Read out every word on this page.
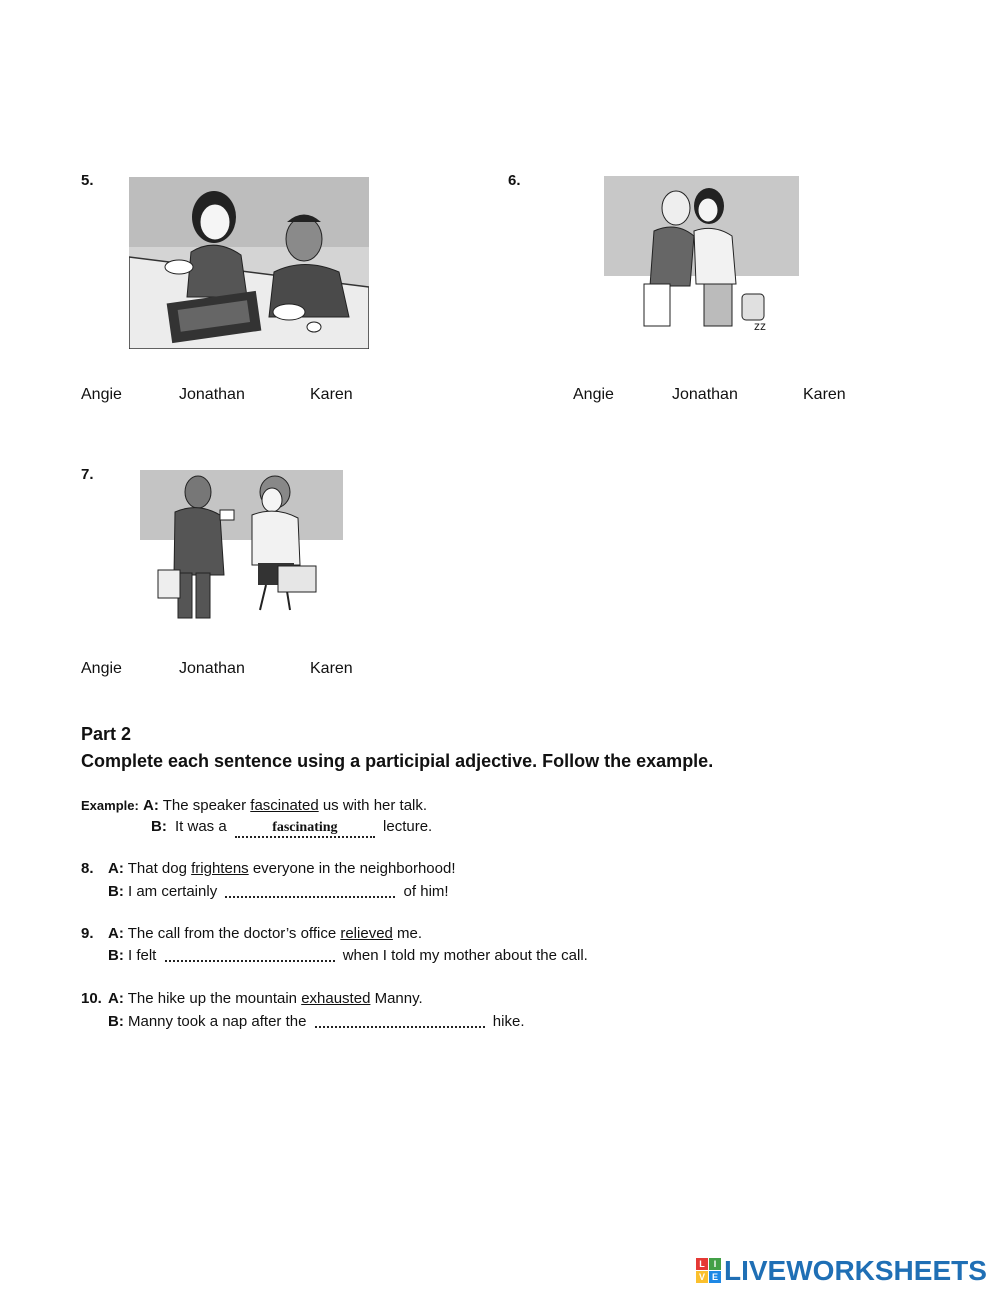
5.
Angie	Jonathan	Karen
6.
zz
Angie	Jonathan	Karen
7.
Angie	Jonathan	Karen
Part 2
Complete each sentence using a participial adjective. Follow the example.
Example: A: The speaker fascinated us with her talk.
B: It was a	fascinating	lecture.
8. A: That dog frightens everyone in the neighborhood!
B: I am certainly	of him!
9. A: The call from the doctor’s office relieved me.
B: I felt	when I told my mother about the call.
10. A: The hike up the mountain exhausted Manny.
B: Manny took a nap after the	hike.
L I
V E LIVEWORKSHEETS
